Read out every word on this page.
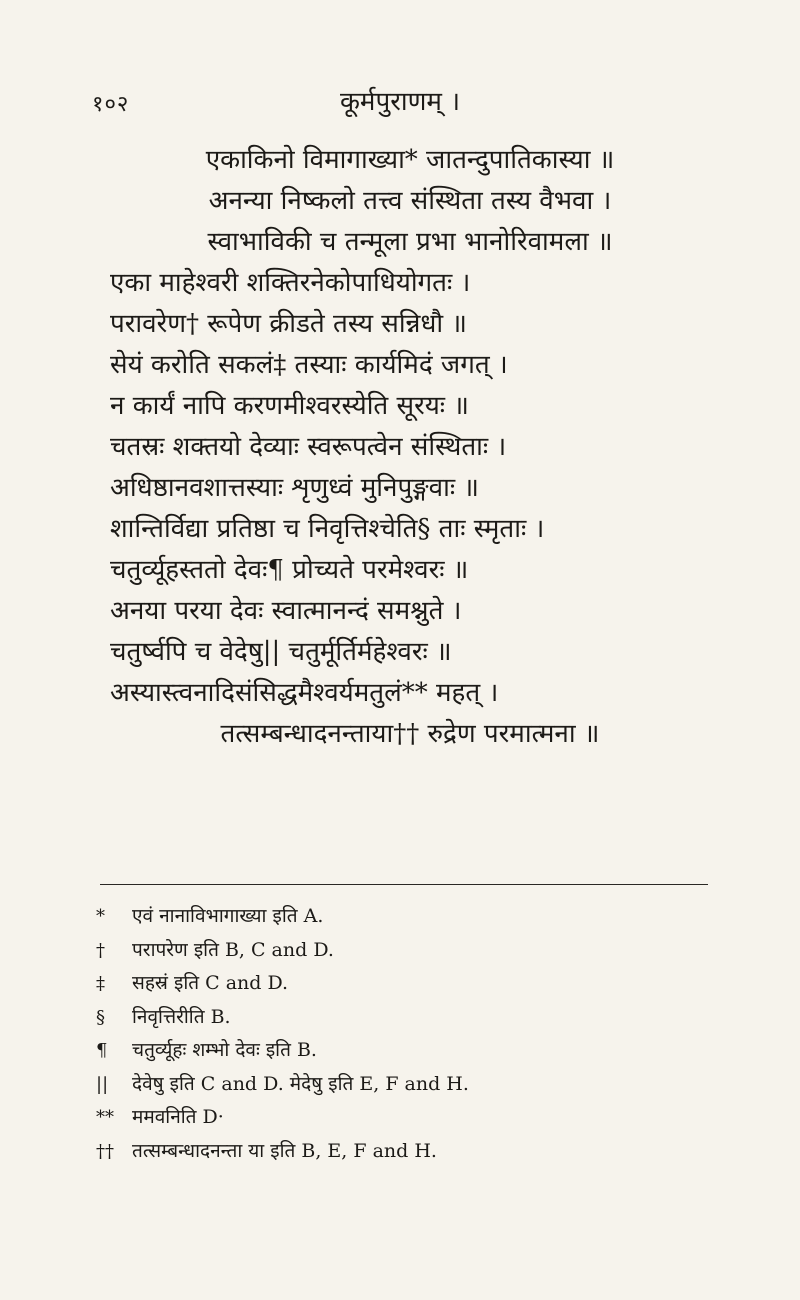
१०२	कूर्मपुराणम् ।
एकाकिनो विमागाख्या* जातन्दुपातिकास्या ॥
अनन्या निष्कलो तत्त्व संस्थिता तस्य वैभवा ।
स्वाभाविकी च तन्मूला प्रभा भानोरिवामला ॥
एका माहेश्वरी शक्तिरनेकोपाधियोगतः ।
परावरेण† रूपेण क्रीडते तस्य सन्निधौ ॥
सेयं करोति सकलं‡ तस्याः कार्यमिदं जगत् ।
न कार्यं नापि करणमीश्वरस्येति सूरयः ॥
चतस्रः शक्तयो देव्याः स्वरूपत्वेन संस्थिताः ।
अधिष्ठानवशात्तस्याः शृणुध्वं मुनिपुङ्गवाः ॥
शान्तिर्विद्या प्रतिष्ठा च निवृत्तिश्चेति§ ताः स्मृताः ।
चतुर्व्यूहस्ततो देवः¶ प्रोच्यते परमेश्वरः ॥
अनया परया देवः स्वात्मानन्दं समश्नुते ।
चतुर्ष्वपि च वेदेषु|| चतुर्मूर्तिर्महेश्वरः ॥
अस्यास्त्वनादिसंसिद्धमैश्वर्यमतुलं** महत् ।
तत्सम्बन्धादनन्ताया†† रुद्रेण परमात्मना ॥
*	एवं नानाविभागाख्या इति A.
†	परापरेण इति B, C and D.
‡	सहस्रं इति C and D.
§	निवृत्तिरीति B.
¶	चतुर्व्यूहः शम्भो देवः इति B.
||	देवेषु इति C and D. मेदेषु इति E, F and H.
** ममवनिति D·
†† तत्सम्बन्धादनन्ता या इति B, E, F and H.
